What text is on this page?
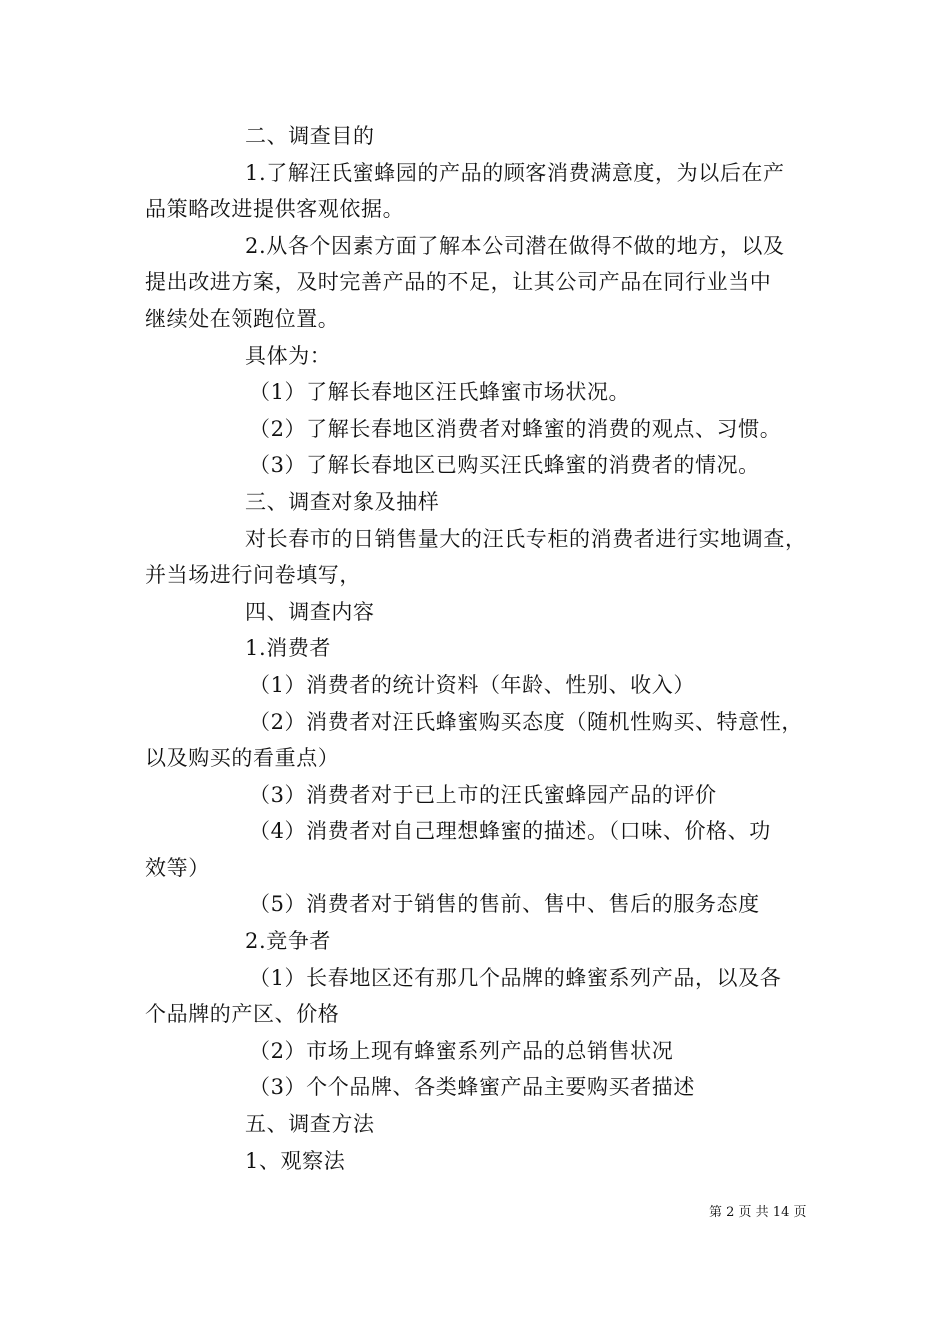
二、调查目的
1.了解汪氏蜜蜂园的产品的顾客消费满意度，为以后在产
品策略改进提供客观依据。
2.从各个因素方面了解本公司潜在做得不做的地方，以及
提出改进方案，及时完善产品的不足，让其公司产品在同行业当中
继续处在领跑位置。
具体为：
（1）了解长春地区汪氏蜂蜜市场状况。
（2）了解长春地区消费者对蜂蜜的消费的观点、习惯。
（3）了解长春地区已购买汪氏蜂蜜的消费者的情况。
三、调查对象及抽样
对长春市的日销售量大的汪氏专柜的消费者进行实地调查，
并当场进行问卷填写，
四、调查内容
1.消费者
（1）消费者的统计资料（年龄、性别、收入）
（2）消费者对汪氏蜂蜜购买态度（随机性购买、特意性，
以及购买的看重点）
（3）消费者对于已上市的汪氏蜜蜂园产品的评价
（4）消费者对自己理想蜂蜜的描述。（口味、价格、功
效等）
（5）消费者对于销售的售前、售中、售后的服务态度
2.竞争者
（1）长春地区还有那几个品牌的蜂蜜系列产品，以及各
个品牌的产区、价格
（2）市场上现有蜂蜜系列产品的总销售状况
（3）个个品牌、各类蜂蜜产品主要购买者描述
五、调查方法
1、观察法
第 2 页 共 14 页
